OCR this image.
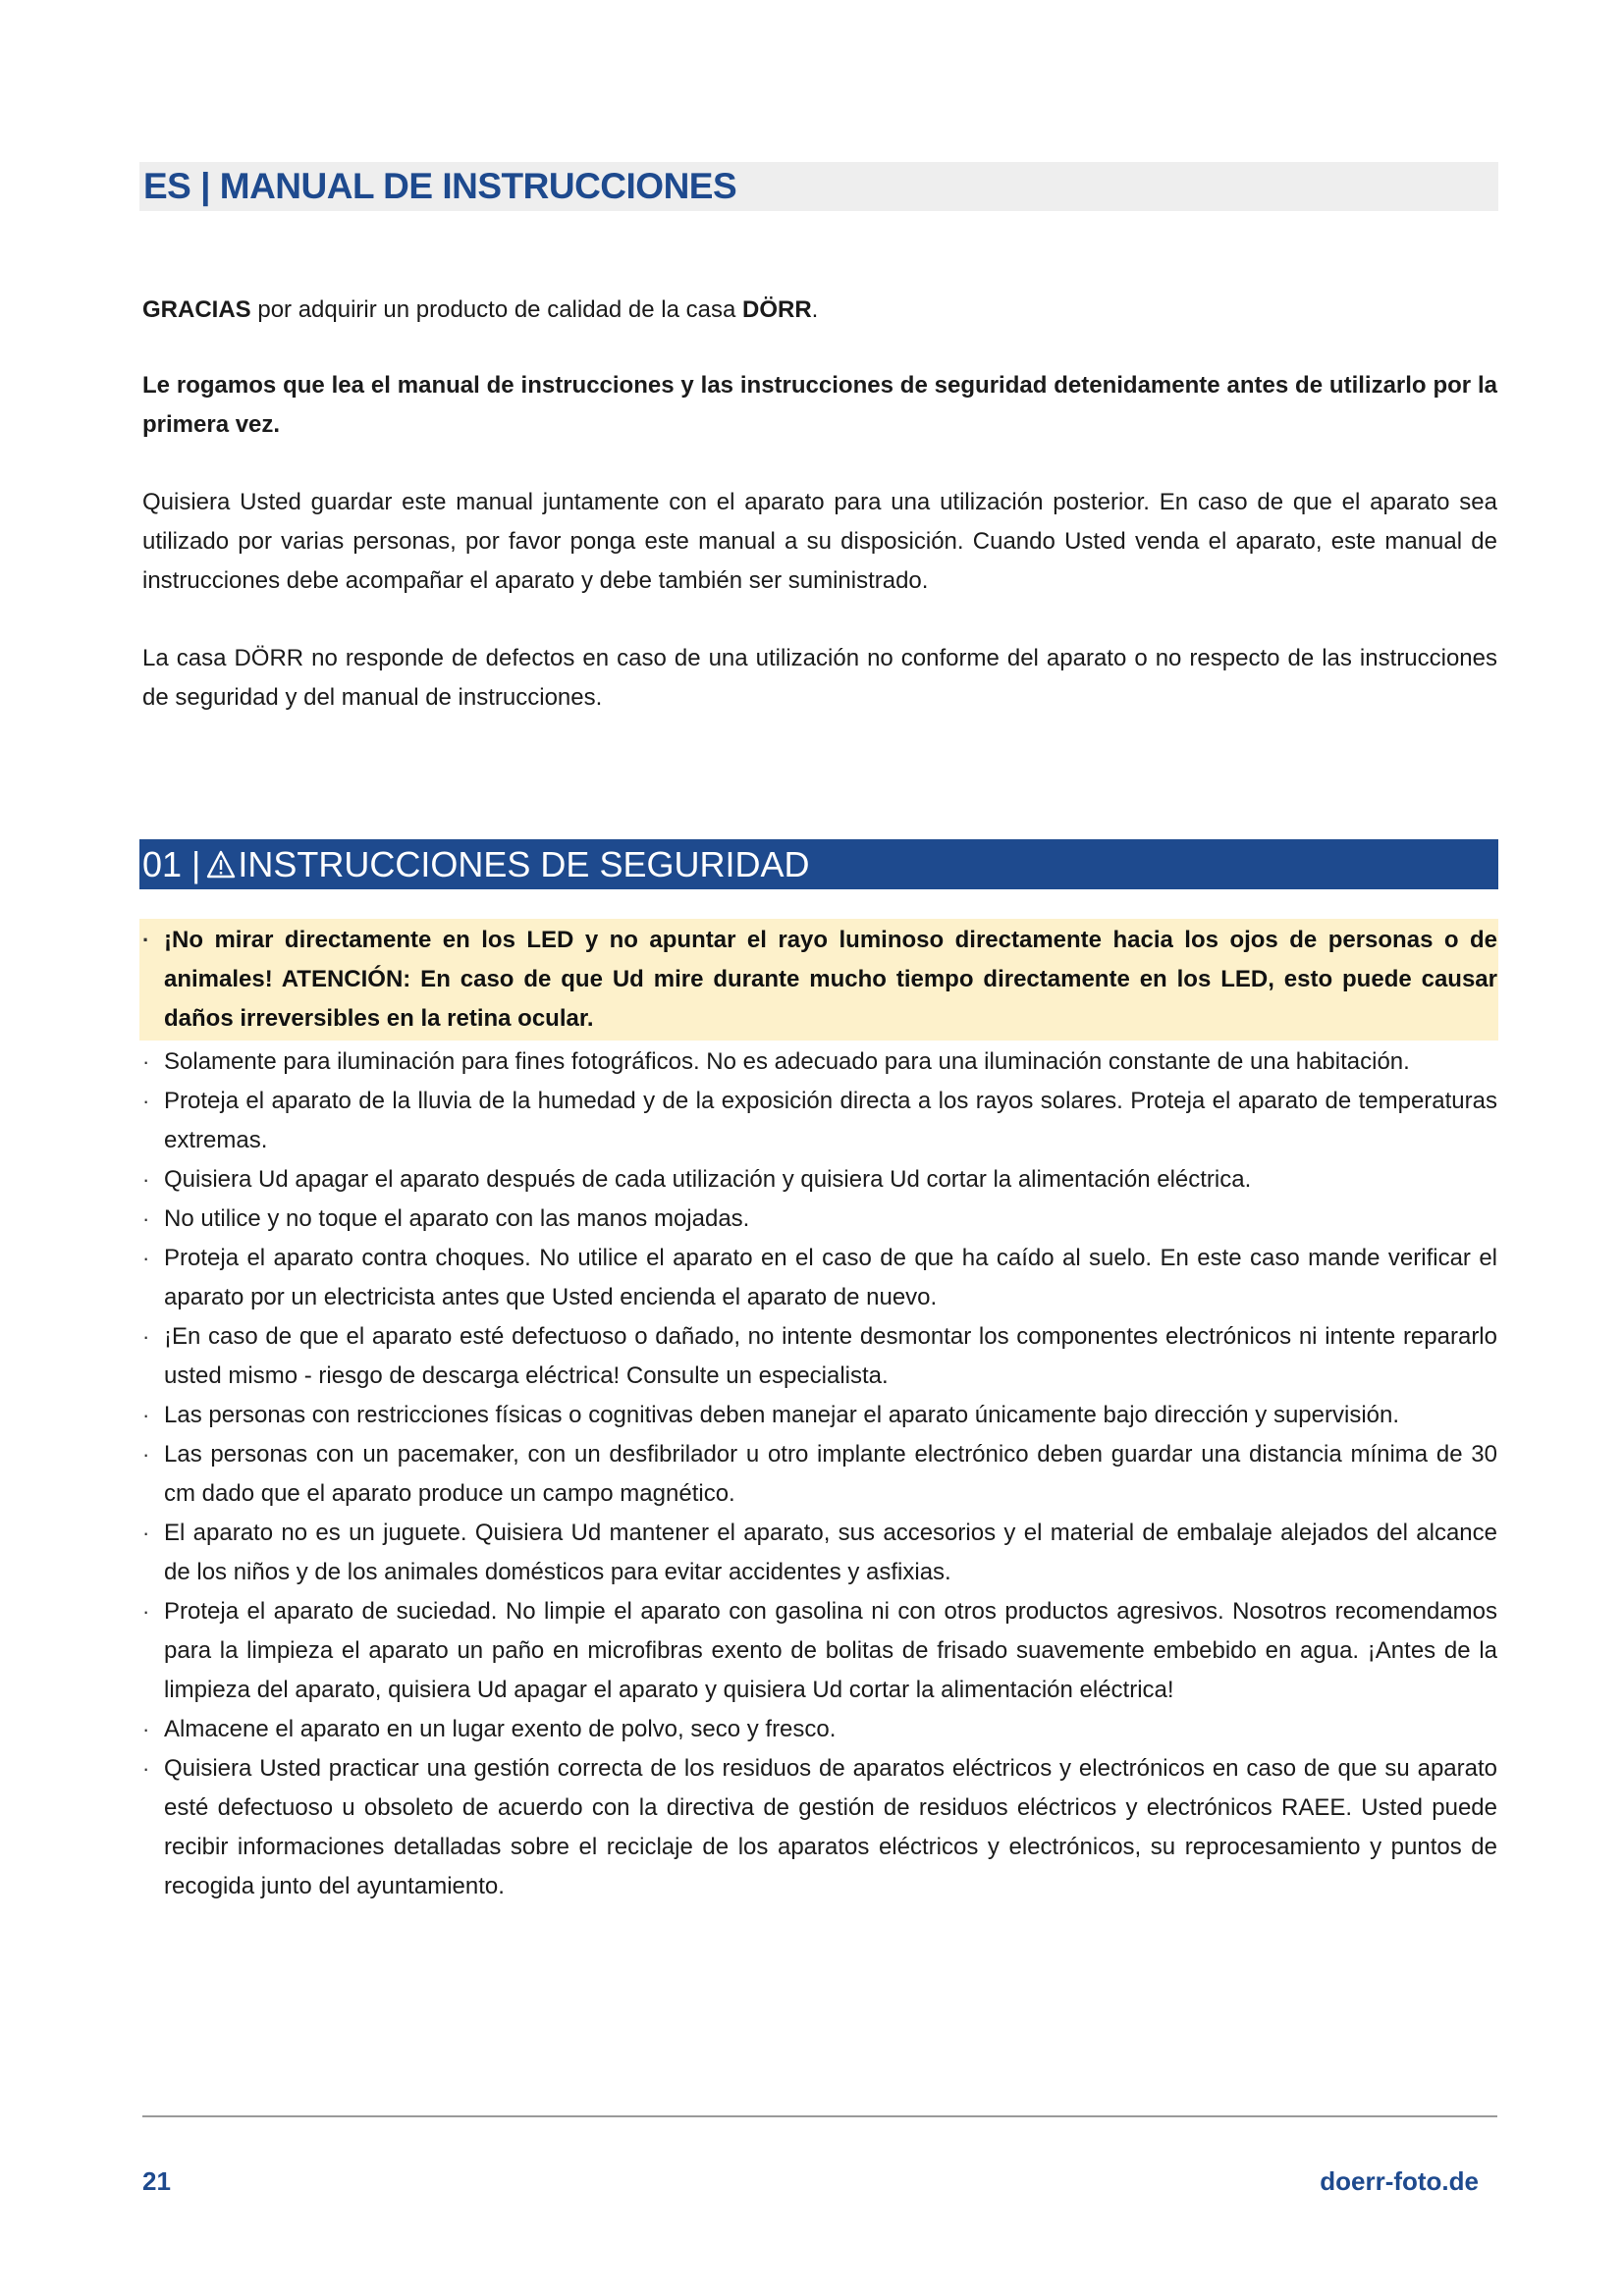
ES | MANUAL DE INSTRUCCIONES
GRACIAS por adquirir un producto de calidad de la casa DÖRR.
Le rogamos que lea el manual de instrucciones y las instrucciones de seguridad detenidamente antes de utilizarlo por la primera vez.
Quisiera Usted guardar este manual juntamente con el aparato para una utilización posterior. En caso de que el aparato sea utilizado por varias personas, por favor ponga este manual a su disposición. Cuando Usted venda el aparato, este manual de instrucciones debe acompañar el aparato y debe también ser suministrado.
La casa DÖRR no responde de defectos en caso de una utilización no conforme del aparato o no respecto de las instrucciones de seguridad y del manual de instrucciones.
01 | INSTRUCCIONES DE SEGURIDAD
· ¡No mirar directamente en los LED y no apuntar el rayo luminoso directamente hacia los ojos de personas o de animales! ATENCIÓN: En caso de que Ud mire durante mucho tiempo directamente en los LED, esto puede causar daños irreversibles en la retina ocular.
· Solamente para iluminación para fines fotográficos. No es adecuado para una iluminación constante de una habitación.
· Proteja el aparato de la lluvia de la humedad y de la exposición directa a los rayos solares. Proteja el aparato de temperaturas extremas.
· Quisiera Ud apagar el aparato después de cada utilización y quisiera Ud cortar la alimentación eléctrica.
· No utilice y no toque el aparato con las manos mojadas.
· Proteja el aparato contra choques. No utilice el aparato en el caso de que ha caído al suelo. En este caso mande verificar el aparato por un electricista antes que Usted encienda el aparato de nuevo.
· ¡En caso de que el aparato esté defectuoso o dañado, no intente desmontar los componentes electrónicos ni intente repararlo usted mismo - riesgo de descarga eléctrica! Consulte un especialista.
· Las personas con restricciones físicas o cognitivas deben manejar el aparato únicamente bajo dirección y supervisión.
· Las personas con un pacemaker, con un desfibrilador u otro implante electrónico deben guardar una distancia mínima de 30 cm dado que el aparato produce un campo magnético.
· El aparato no es un juguete. Quisiera Ud mantener el aparato, sus accesorios y el material de embalaje alejados del alcance de los niños y de los animales domésticos para evitar accidentes y asfixias.
· Proteja el aparato de suciedad. No limpie el aparato con gasolina ni con otros productos agresivos. Nosotros recomendamos para la limpieza el aparato un paño en microfibras exento de bolitas de frisado suavemente embebido en agua. ¡Antes de la limpieza del aparato, quisiera Ud apagar el aparato y quisiera Ud cortar la alimentación eléctrica!
· Almacene el aparato en un lugar exento de polvo, seco y fresco.
· Quisiera Usted practicar una gestión correcta de los residuos de aparatos eléctricos y electrónicos en caso de que su aparato esté defectuoso u obsoleto de acuerdo con la directiva de gestión de residuos eléctricos y electrónicos RAEE. Usted puede recibir informaciones detalladas sobre el reciclaje de los aparatos eléctricos y electrónicos, su reprocesamiento y puntos de recogida junto del ayuntamiento.
21	doerr-foto.de
